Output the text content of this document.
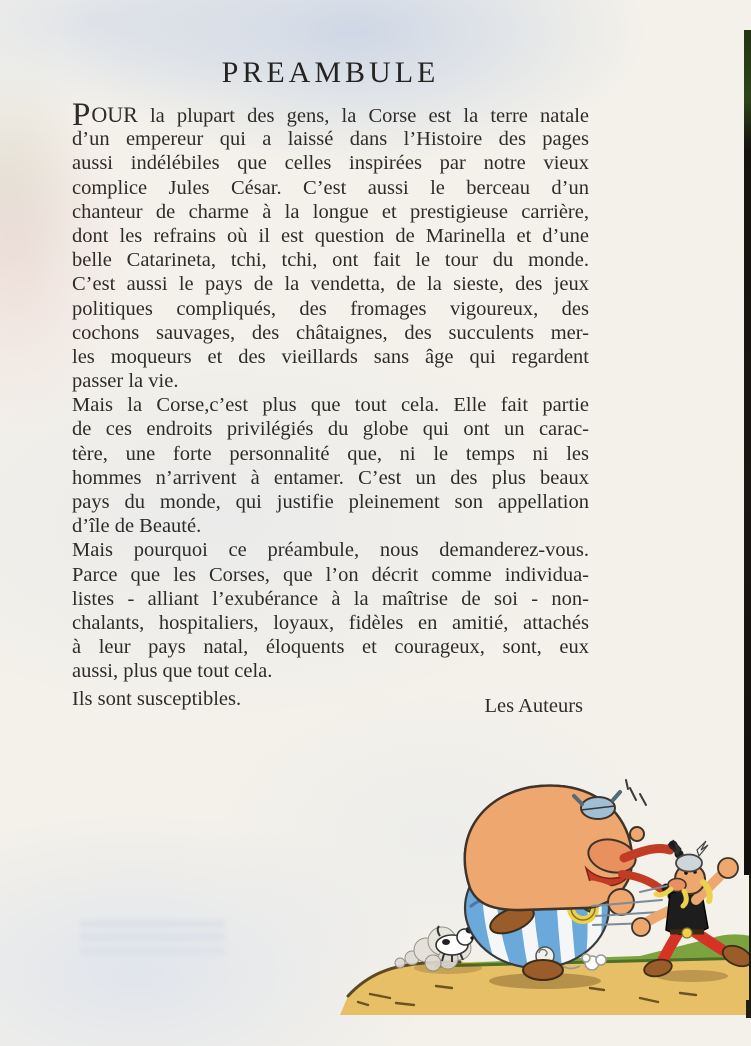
PREAMBULE
POUR la plupart des gens, la Corse est la terre natale
d’un empereur qui a laissé dans l’Histoire des pages
aussi indélébiles que celles inspirées par notre vieux
complice Jules César. C’est aussi le berceau d’un
chanteur de charme à la longue et prestigieuse carrière,
dont les refrains où il est question de Marinella et d’une
belle Catarineta, tchi, tchi, ont fait le tour du monde.
C’est aussi le pays de la vendetta, de la sieste, des jeux
politiques compliqués, des fromages vigoureux, des
cochons sauvages, des châtaignes, des succulents mer-
les moqueurs et des vieillards sans âge qui regardent
passer la vie.
Mais la Corse,c’est plus que tout cela. Elle fait partie
de ces endroits privilégiés du globe qui ont un carac-
tère, une forte personnalité que, ni le temps ni les
hommes n’arrivent à entamer. C’est un des plus beaux
pays du monde, qui justifie pleinement son appellation
d’île de Beauté.
Mais pourquoi ce préambule, nous demanderez-vous.
Parce que les Corses, que l’on décrit comme individua-
listes - alliant l’exubérance à la maîtrise de soi - non-
chalants, hospitaliers, loyaux, fidèles en amitié, attachés
à leur pays natal, éloquents et courageux, sont, eux
aussi, plus que tout cela.
Ils sont susceptibles.	Les Auteurs
